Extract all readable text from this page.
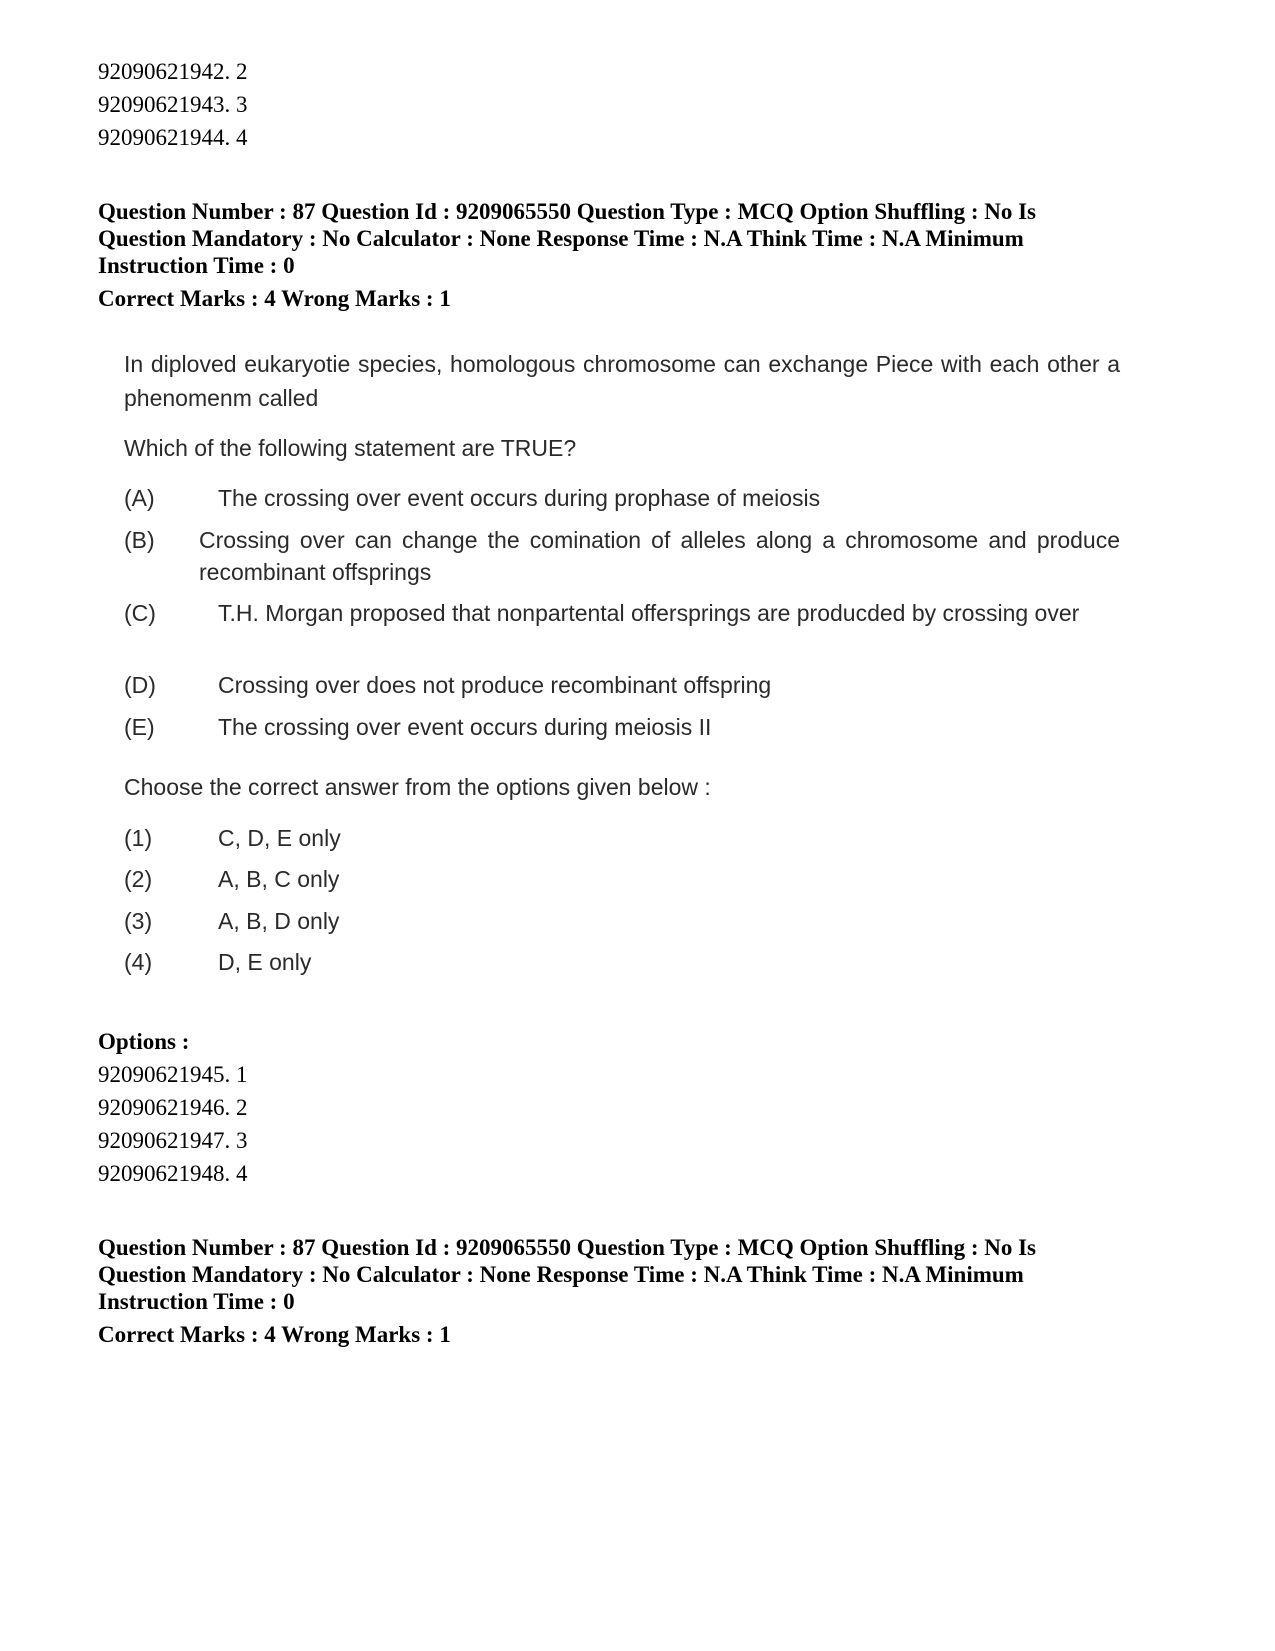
92090621942. 2
92090621943. 3
92090621944. 4
Question Number : 87 Question Id : 9209065550 Question Type : MCQ Option Shuffling : No Is
Question Mandatory : No Calculator : None Response Time : N.A Think Time : N.A Minimum
Instruction Time : 0
Correct Marks : 4 Wrong Marks : 1
In diploved eukaryotie species, homologous chromosome can exchange Piece with each other a phenomenm called
Which of the following statement are TRUE?
(A)	The crossing over event occurs during prophase of meiosis
(B) Crossing over can change the comination of alleles along a chromosome and produce recombinant offsprings
(C)	T.H. Morgan proposed that nonpartental offersprings are producded by crossing over
(D)	Crossing over does not produce recombinant offspring
(E)	The crossing over event occurs during meiosis II
Choose the correct answer from the options given below :
(1)	C, D, E only
(2)	A, B, C only
(3)	A, B, D only
(4)	D, E only
Options :
92090621945. 1
92090621946. 2
92090621947. 3
92090621948. 4
Question Number : 87 Question Id : 9209065550 Question Type : MCQ Option Shuffling : No Is
Question Mandatory : No Calculator : None Response Time : N.A Think Time : N.A Minimum
Instruction Time : 0
Correct Marks : 4 Wrong Marks : 1
